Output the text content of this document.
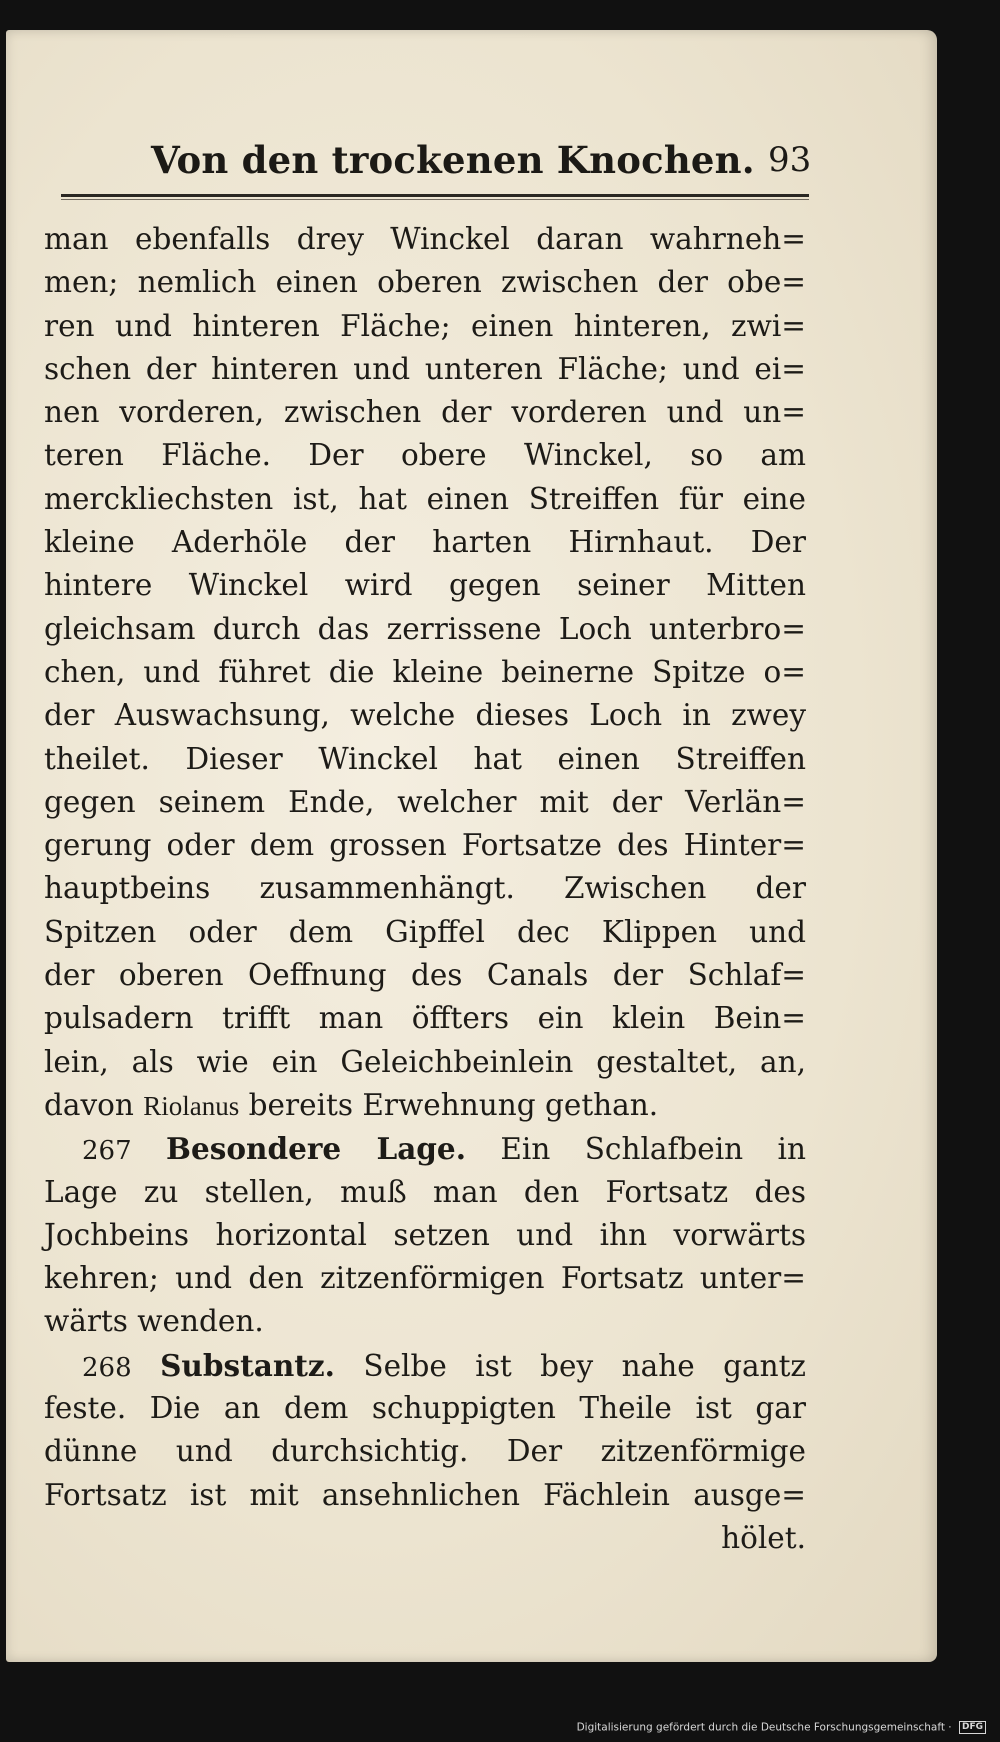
Von den trockenen Knochen. 93
man ebenfalls drey Winckel daran wahrneh=
men; nemlich einen oberen zwischen der obe=
ren und hinteren Fläche; einen hinteren, zwi=
schen der hinteren und unteren Fläche; und ei=
nen vorderen, zwischen der vorderen und un=
teren Fläche. Der obere Winckel, so am
merckliechsten ist, hat einen Streiffen für eine
kleine Aderhöle der harten Hirnhaut. Der
hintere Winckel wird gegen seiner Mitten
gleichsam durch das zerrissene Loch unterbro=
chen, und führet die kleine beinerne Spitze o=
der Auswachsung, welche dieses Loch in zwey
theilet. Dieser Winckel hat einen Streiffen
gegen seinem Ende, welcher mit der Verlän=
gerung oder dem grossen Fortsatze des Hinter=
hauptbeins zusammenhängt. Zwischen der
Spitzen oder dem Gipffel dec Klippen und
der oberen Oeffnung des Canals der Schlaf=
pulsadern trifft man öffters ein klein Bein=
lein, als wie ein Geleichbeinlein gestaltet, an,
davon Riolanus bereits Erwehnung gethan.
267 Besondere Lage. Ein Schlafbein in
Lage zu stellen, muß man den Fortsatz des
Jochbeins horizontal setzen und ihn vorwärts
kehren; und den zitzenförmigen Fortsatz unter=
wärts wenden.
268 Substantz. Selbe ist bey nahe gantz
feste. Die an dem schuppigten Theile ist gar
dünne und durchsichtig. Der zitzenförmige
Fortsatz ist mit ansehnlichen Fächlein ausge=
hölet.
Digitalisierung gefördert durch die Deutsche Forschungsgemeinschaft · DFG
